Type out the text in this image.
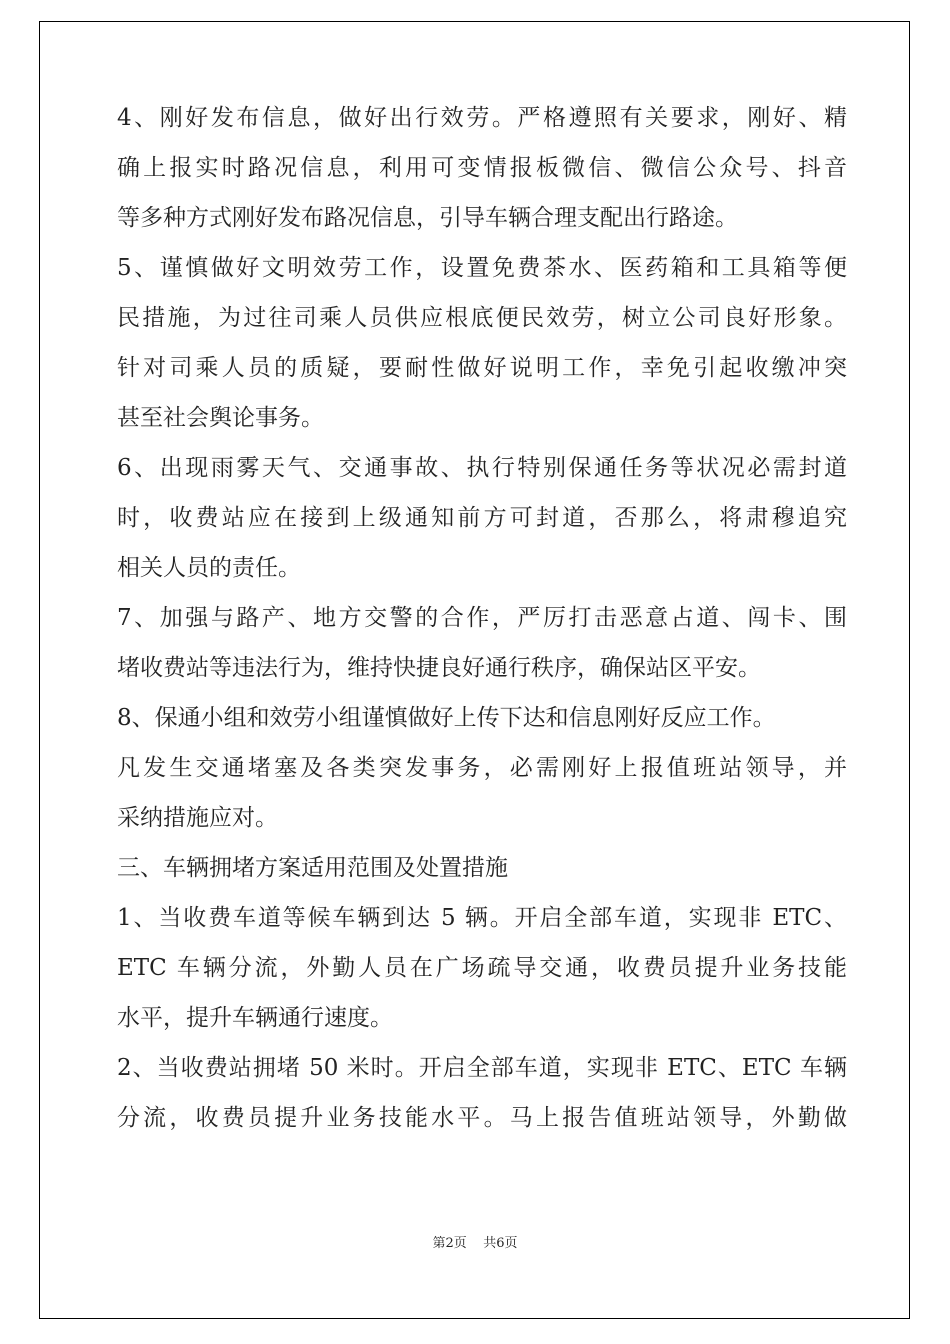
4、刚好发布信息，做好出行效劳。严格遵照有关要求，刚好、精
确上报实时路况信息，利用可变情报板微信、微信公众号、抖音
等多种方式刚好发布路况信息，引导车辆合理支配出行路途。
5、谨慎做好文明效劳工作，设置免费茶水、医药箱和工具箱等便
民措施，为过往司乘人员供应根底便民效劳，树立公司良好形象。
针对司乘人员的质疑，要耐性做好说明工作，幸免引起收缴冲突
甚至社会舆论事务。
6、出现雨雾天气、交通事故、执行特别保通任务等状况必需封道
时，收费站应在接到上级通知前方可封道，否那么，将肃穆追究
相关人员的责任。
7、加强与路产、地方交警的合作，严厉打击恶意占道、闯卡、围
堵收费站等违法行为，维持快捷良好通行秩序，确保站区平安。
8、保通小组和效劳小组谨慎做好上传下达和信息刚好反应工作。
凡发生交通堵塞及各类突发事务，必需刚好上报值班站领导，并
采纳措施应对。
三、车辆拥堵方案适用范围及处置措施
1、当收费车道等候车辆到达 5 辆。开启全部车道，实现非 ETC、
ETC 车辆分流，外勤人员在广场疏导交通，收费员提升业务技能
水平，提升车辆通行速度。
2、当收费站拥堵 50 米时。开启全部车道，实现非 ETC、ETC 车辆
分流，收费员提升业务技能水平。马上报告值班站领导，外勤做
第2页 共6页
